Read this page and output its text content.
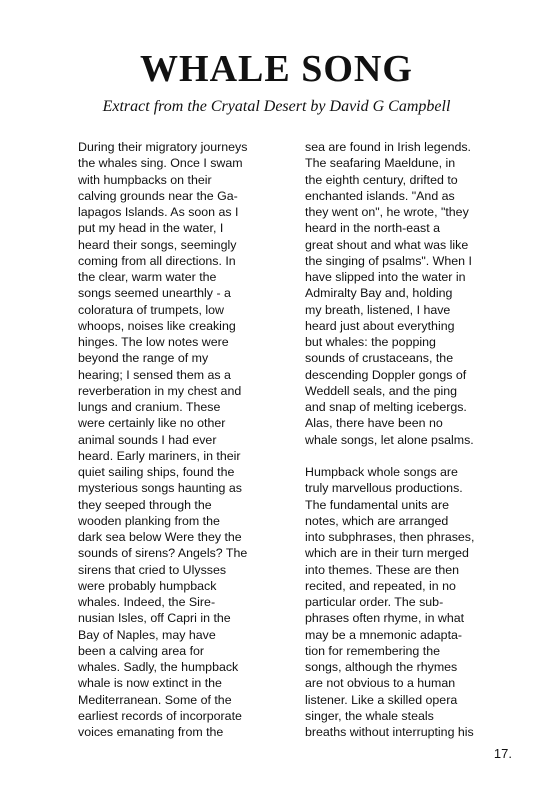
WHALE SONG
Extract from the Cryatal Desert by David G Campbell
During their migratory journeys
the whales sing. Once I swam
with humpbacks on their
calving grounds near the Ga-
lapagos Islands. As soon as I
put my head in the water, I
heard their songs, seemingly
coming from all directions. In
the clear, warm water the
songs seemed unearthly - a
coloratura of trumpets, low
whoops, noises like creaking
hinges. The low notes were
beyond the range of my
hearing; I sensed them as a
reverberation in my chest and
lungs and cranium. These
were certainly like no other
animal sounds I had ever
heard. Early mariners, in their
quiet sailing ships, found the
mysterious songs haunting as
they seeped through the
wooden planking from the
dark sea below Were they the
sounds of sirens? Angels? The
sirens that cried to Ulysses
were probably humpback
whales. Indeed, the Sire-
nusian Isles, off Capri in the
Bay of Naples, may have
been a calving area for
whales. Sadly, the humpback
whale is now extinct in the
Mediterranean. Some of the
earliest records of incorporate
voices emanating from the
sea are found in Irish legends.
The seafaring Maeldune, in
the eighth century, drifted to
enchanted islands. "And as
they went on", he wrote, "they
heard in the north-east a
great shout and what was like
the singing of psalms". When I
have slipped into the water in
Admiralty Bay and, holding
my breath, listened, I have
heard just about everything
but whales: the popping
sounds of crustaceans, the
descending Doppler gongs of
Weddell seals, and the ping
and snap of melting icebergs.
Alas, there have been no
whale songs, let alone psalms.
Humpback whole songs are
truly marvellous productions.
The fundamental units are
notes, which are arranged
into subphrases, then phrases,
which are in their turn merged
into themes. These are then
recited, and repeated, in no
particular order. The sub-
phrases often rhyme, in what
may be a mnemonic adapta-
tion for remembering the
songs, although the rhymes
are not obvious to a human
listener. Like a skilled opera
singer, the whale steals
breaths without interrupting his
17.
